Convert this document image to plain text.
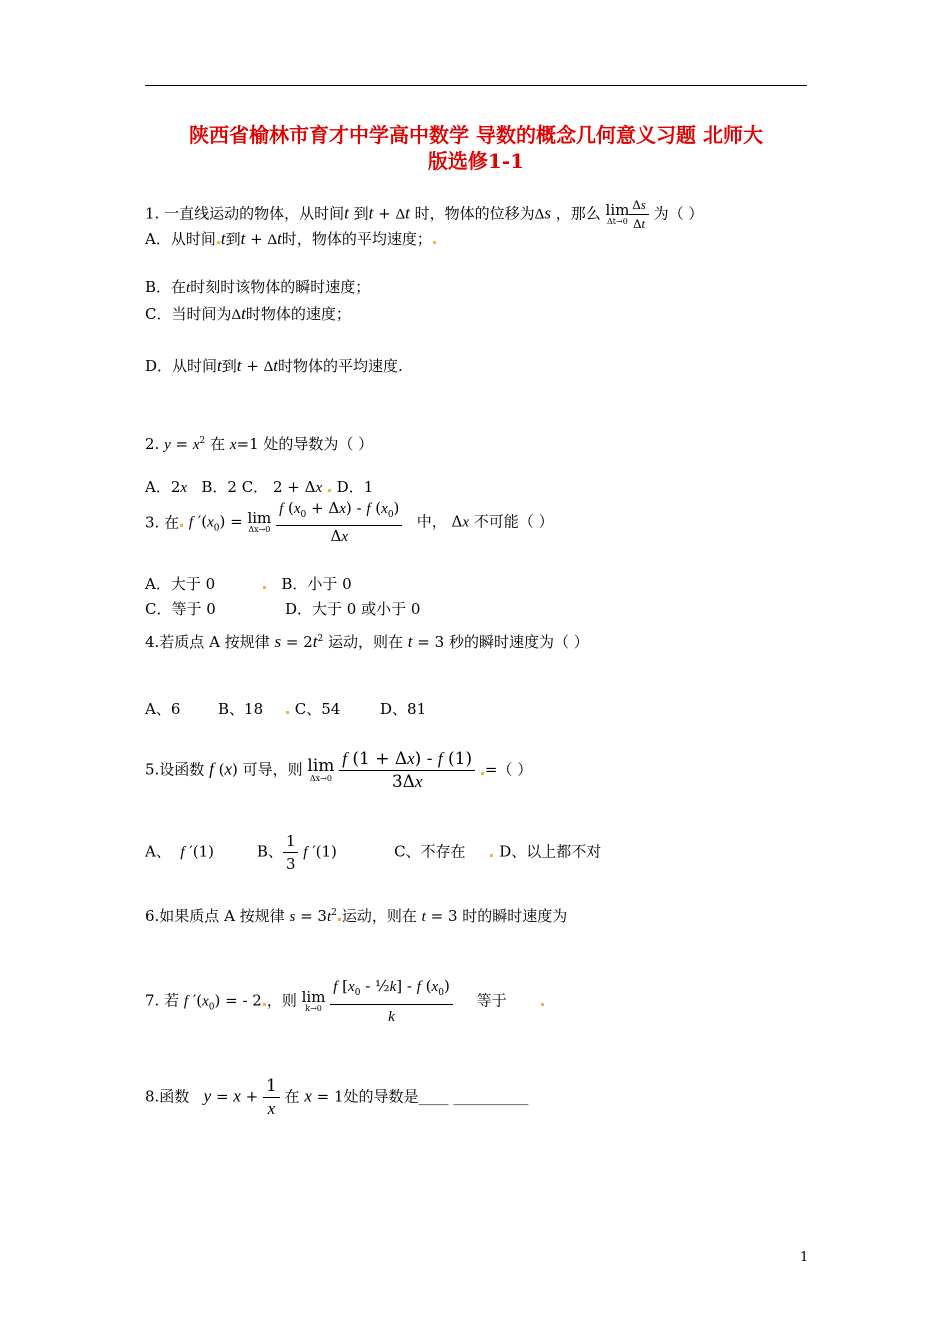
陕西省榆林市育才中学高中数学 导数的概念几何意义习题 北师大
版选修1-1
1. 一直线运动的物体，从时间t 到t + Δt 时，物体的位移为Δs ，那么 lim
$\Delta t\to 0 \frac{\Delta s}{\Delta t}$ 为（ ）
A．从时间 t到t + Δt时，物体的平均速度；
B．在t时刻时该物体的瞬时速度；
C．当时间为Δt时物体的速度；
D．从时间t到t + Δt时物体的平均速度.
2. $y = x^2$ 在 x=1 处的导数为（ ）
A．2x B．2 C． 2 + Δx D．1
3. 在 f $'(x_0) = \lim$
Δx→0
$\frac{f (x_0 + \Delta x) - f (x_0)}{\Delta x}$ 中， Δx 不可能（ ）
A．大于 0	B．小于 0
C．等于 0	D．大于 0 或小于 0
4.若质点 A 按规律 $s = 2t^2$ 运动，则在 t = 3 秒的瞬时速度为（ ）
A、6	B、18	C、54	D、81
5.设函数 f (x) 可导，则 lim
Δx→0
$\frac{f (1 + \Delta x) - f (1)}{3\Delta x}$ =（ ）
A、 f ′(1)         B、 $\frac{1}{3}$ f ′(1)            C、不存在 D、以上都不对
6.如果质点 A 按规律 $s = 3t^2$ 运动，则在 t = 3 时的瞬时速度为
7. 若 f $'(x_0)$ = - 2 ，则 lim
k→0
$\frac{f [x_0 - \frac{1}{2}k] - f (x_0)}{k}$ 等于
8.函数 $y = x + \frac{1}{x}$ 在 x = 1处的导数是____ __________
1
